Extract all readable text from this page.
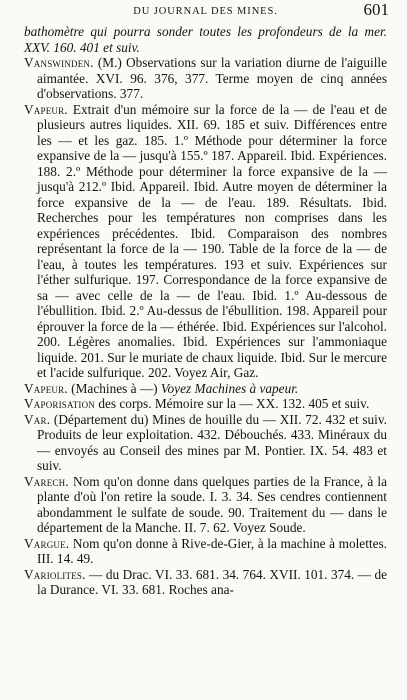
DU JOURNAL DES MINES.	601

bathomètre qui pourra sonder toutes les profondeurs de la mer. XXV. 160. 401 et suiv.

Vanswinden. (M.) Observations sur la variation diurne de l'aiguille aimantée. XVI. 96. 376, 377. Terme moyen de cinq années d'observations. 377.

Vapeur. Extrait d'un mémoire sur la force de la — de l'eau et de plusieurs autres liquides. XII. 69. 185 et suiv. Différences entre les — et les gaz. 185. 1.º Méthode pour déterminer la force expansive de la — jusqu'à 155.º 187. Appareil. Ibid. Expériences. 188. 2.º Méthode pour déterminer la force expansive de la — jusqu'à 212.º Ibid. Appareil. Ibid. Autre moyen de déterminer la force expansive de la — de l'eau. 189. Résultats. Ibid. Recherches pour les températures non comprises dans les expériences précédentes. Ibid. Comparaison des nombres représentant la force de la — 190. Table de la force de la — de l'eau, à toutes les températures. 193 et suiv. Expériences sur l'éther sulfurique. 197. Correspondance de la force expansive de sa — avec celle de la — de l'eau. Ibid. 1.º Au-dessous de l'ébullition. Ibid. 2.º Au-dessus de l'ébullition. 198. Appareil pour éprouver la force de la — éthérée. Ibid. Expériences sur l'alcohol. 200. Légères anomalies. Ibid. Expériences sur l'ammoniaque liquide. 201. Sur le muriate de chaux liquide. Ibid. Sur le mercure et l'acide sulfurique. 202. Voyez Air, Gaz.

Vapeur. (Machines à —) Voyez Machines à vapeur.

Vaporisation des corps. Mémoire sur la — XX. 132. 405 et suiv.

Var. (Département du) Mines de houille du — XII. 72. 432 et suiv. Produits de leur exploitation. 432. Débouchés. 433. Minéraux du — envoyés au Conseil des mines par M. Pontier. IX. 54. 483 et suiv.

Varech. Nom qu'on donne dans quelques parties de la France, à la plante d'où l'on retire la soude. I. 3. 34. Ses cendres contiennent abondamment le sulfate de soude. 90. Traitement du — dans le département de la Manche. II. 7. 62. Voyez Soude.

Vargue. Nom qu'on donne à Rive-de-Gier, à la machine à molettes. III. 14. 49.

Variolites. — du Drac. VI. 33. 681. 34. 764. XVII. 101. 374. — de la Durance. VI. 33. 681. Roches ana-
